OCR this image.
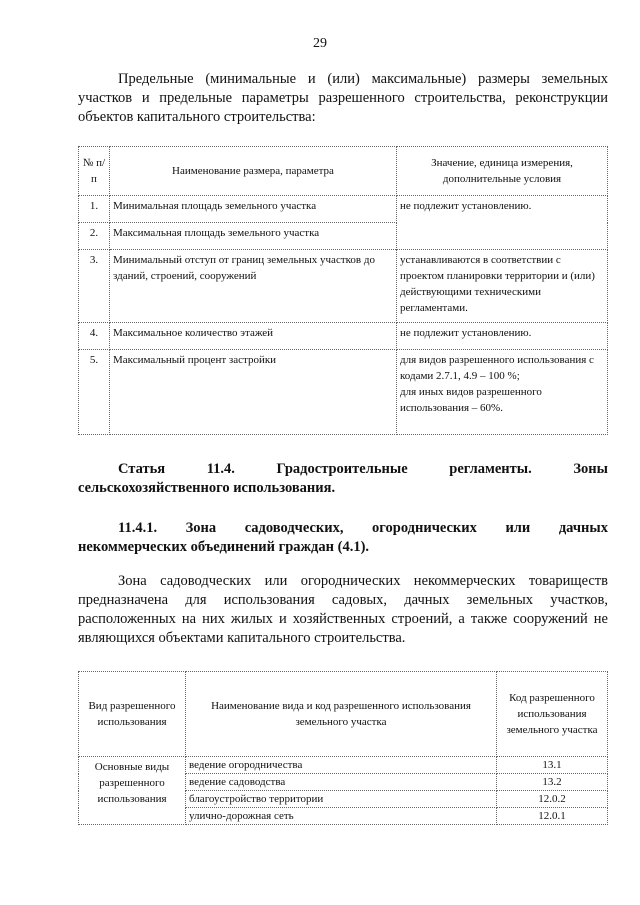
29

Предельные (минимальные и (или) максимальные) размеры земельных участков и предельные параметры разрешенного строительства, реконструкции объектов капитального строительства:

№ п/п	Наименование размера, параметра	Значение, единица измерения, дополнительные условия
1.	Минимальная площадь земельного участка	не подлежит установлению.
2.	Максимальная площадь земельного участка	
3.	Минимальный отступ от границ земельных участков до зданий, строений, сооружений	устанавливаются в соответствии с проектом планировки территории и (или) действующими техническими регламентами.
4.	Максимальное количество этажей	не подлежит установлению.
5.	Максимальный процент застройки	для видов разрешенного использования с кодами 2.7.1, 4.9 – 100 %;
для иных видов разрешенного использования – 60%.
Статья	11.4.	Градостроительные	регламенты.	Зоны
сельскохозяйственного использования.
11.4.1. Зона садоводческих, огороднических или дачных
некоммерческих объединений граждан (4.1).

Зона садоводческих или огороднических некоммерческих товариществ предназначена для использования садовых, дачных земельных участков, расположенных на них жилых и хозяйственных строений, а также сооружений не являющихся объектами капитального строительства.

Вид разрешенного использования	Наименование вида и код разрешенного использования земельного участка	Код разрешенного использования земельного участка
Основные виды разрешенного использования	ведение огородничества	13.1
	ведение садоводства	13.2
	благоустройство территории	12.0.2
	улично-дорожная сеть	12.0.1
